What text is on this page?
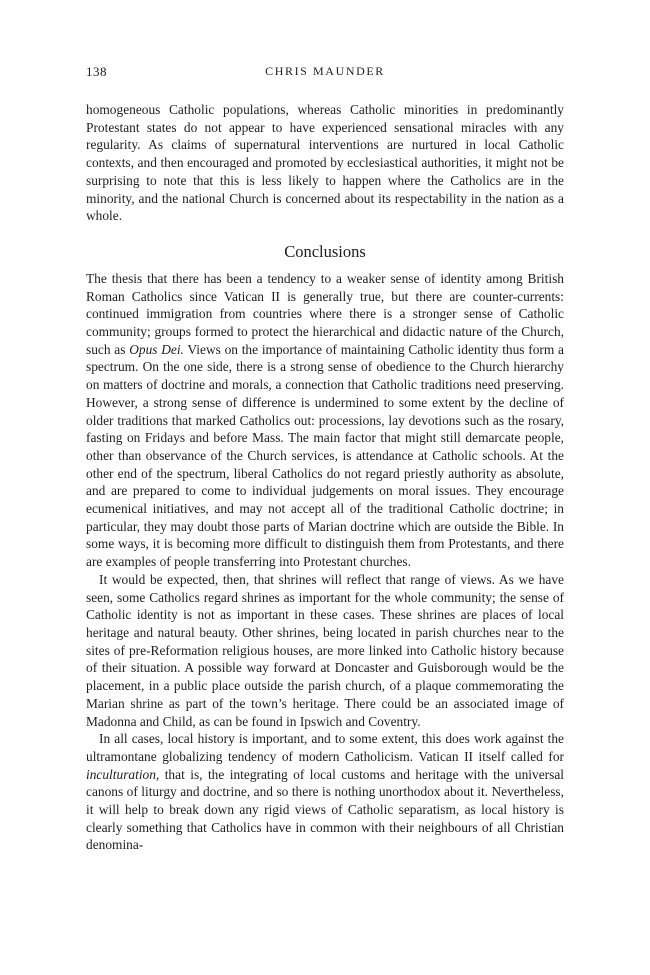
138	CHRIS MAUNDER

homogeneous Catholic populations, whereas Catholic minorities in predominantly Protestant states do not appear to have experienced sensational miracles with any regularity. As claims of supernatural interventions are nurtured in local Catholic contexts, and then encouraged and promoted by ecclesiastical authorities, it might not be surprising to note that this is less likely to happen where the Catholics are in the minority, and the national Church is concerned about its respectability in the nation as a whole.

Conclusions

The thesis that there has been a tendency to a weaker sense of identity among British Roman Catholics since Vatican II is generally true, but there are counter-currents: continued immigration from countries where there is a stronger sense of Catholic community; groups formed to protect the hierarchical and didactic nature of the Church, such as Opus Dei. Views on the importance of maintaining Catholic identity thus form a spectrum. On the one side, there is a strong sense of obedience to the Church hierarchy on matters of doctrine and morals, a connection that Catholic traditions need preserving. However, a strong sense of difference is undermined to some extent by the decline of older traditions that marked Catholics out: processions, lay devotions such as the rosary, fasting on Fridays and before Mass. The main factor that might still demarcate people, other than observance of the Church services, is attendance at Catholic schools. At the other end of the spectrum, liberal Catholics do not regard priestly authority as absolute, and are prepared to come to individual judgements on moral issues. They encourage ecumenical initiatives, and may not accept all of the traditional Catholic doctrine; in particular, they may doubt those parts of Marian doctrine which are outside the Bible. In some ways, it is becoming more difficult to distinguish them from Protestants, and there are examples of people transferring into Protestant churches.

It would be expected, then, that shrines will reflect that range of views. As we have seen, some Catholics regard shrines as important for the whole community; the sense of Catholic identity is not as important in these cases. These shrines are places of local heritage and natural beauty. Other shrines, being located in parish churches near to the sites of pre-Reformation religious houses, are more linked into Catholic history because of their situation. A possible way forward at Doncaster and Guisborough would be the placement, in a public place outside the parish church, of a plaque commemorating the Marian shrine as part of the town’s heritage. There could be an associated image of Madonna and Child, as can be found in Ipswich and Coventry.

In all cases, local history is important, and to some extent, this does work against the ultramontane globalizing tendency of modern Catholicism. Vatican II itself called for inculturation, that is, the integrating of local customs and heritage with the universal canons of liturgy and doctrine, and so there is nothing unorthodox about it. Nevertheless, it will help to break down any rigid views of Catholic separatism, as local history is clearly something that Catholics have in common with their neighbours of all Christian denomina-
